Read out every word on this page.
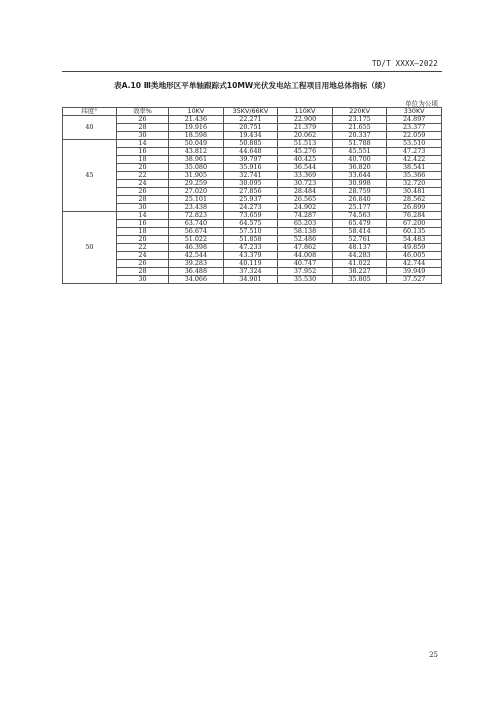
TD/T XXXX—2022
表A.10 Ⅲ类地形区平单轴跟踪式10MW光伏发电站工程项目用地总体指标（续）
单位为公顷
纬度°	效率%	10KV	35KV/66KV	110KV	220KV	330KV
40	26	21.436	22.271	22.900	23.175	24.897
	28	19.916	20.751	21.379	21.655	23.377
	30	18.598	19.434	20.062	20.337	22.059
45	14	50.049	50.885	51.513	51.788	53.510
	16	43.812	44.648	45.276	45.551	47.273
	18	38.961	39.797	40.425	40.700	42.422
	20	35.080	35.916	36.544	36.820	38.541
	22	31.905	32.741	33.369	33.644	35.366
	24	29.259	30.095	30.723	30.998	32.720
	26	27.020	27.856	28.484	28.759	30.481
	28	25.101	25.937	26.565	26.840	28.562
	30	23.438	24.273	24.902	25.177	26.899
50	14	72.823	73.659	74.287	74.563	76.284
	16	63.740	64.575	65.203	65.479	67.200
	18	56.674	57.510	58.138	58.414	60.135
	20	51.022	51.858	52.486	52.761	54.483
	22	46.398	47.233	47.862	48.137	49.859
	24	42.544	43.379	44.008	44.283	46.005
	26	39.283	40.119	40.747	41.022	42.744
	28	36.488	37.324	37.952	38.227	39.949
	30	34.066	34.901	35.530	35.805	37.527
25
